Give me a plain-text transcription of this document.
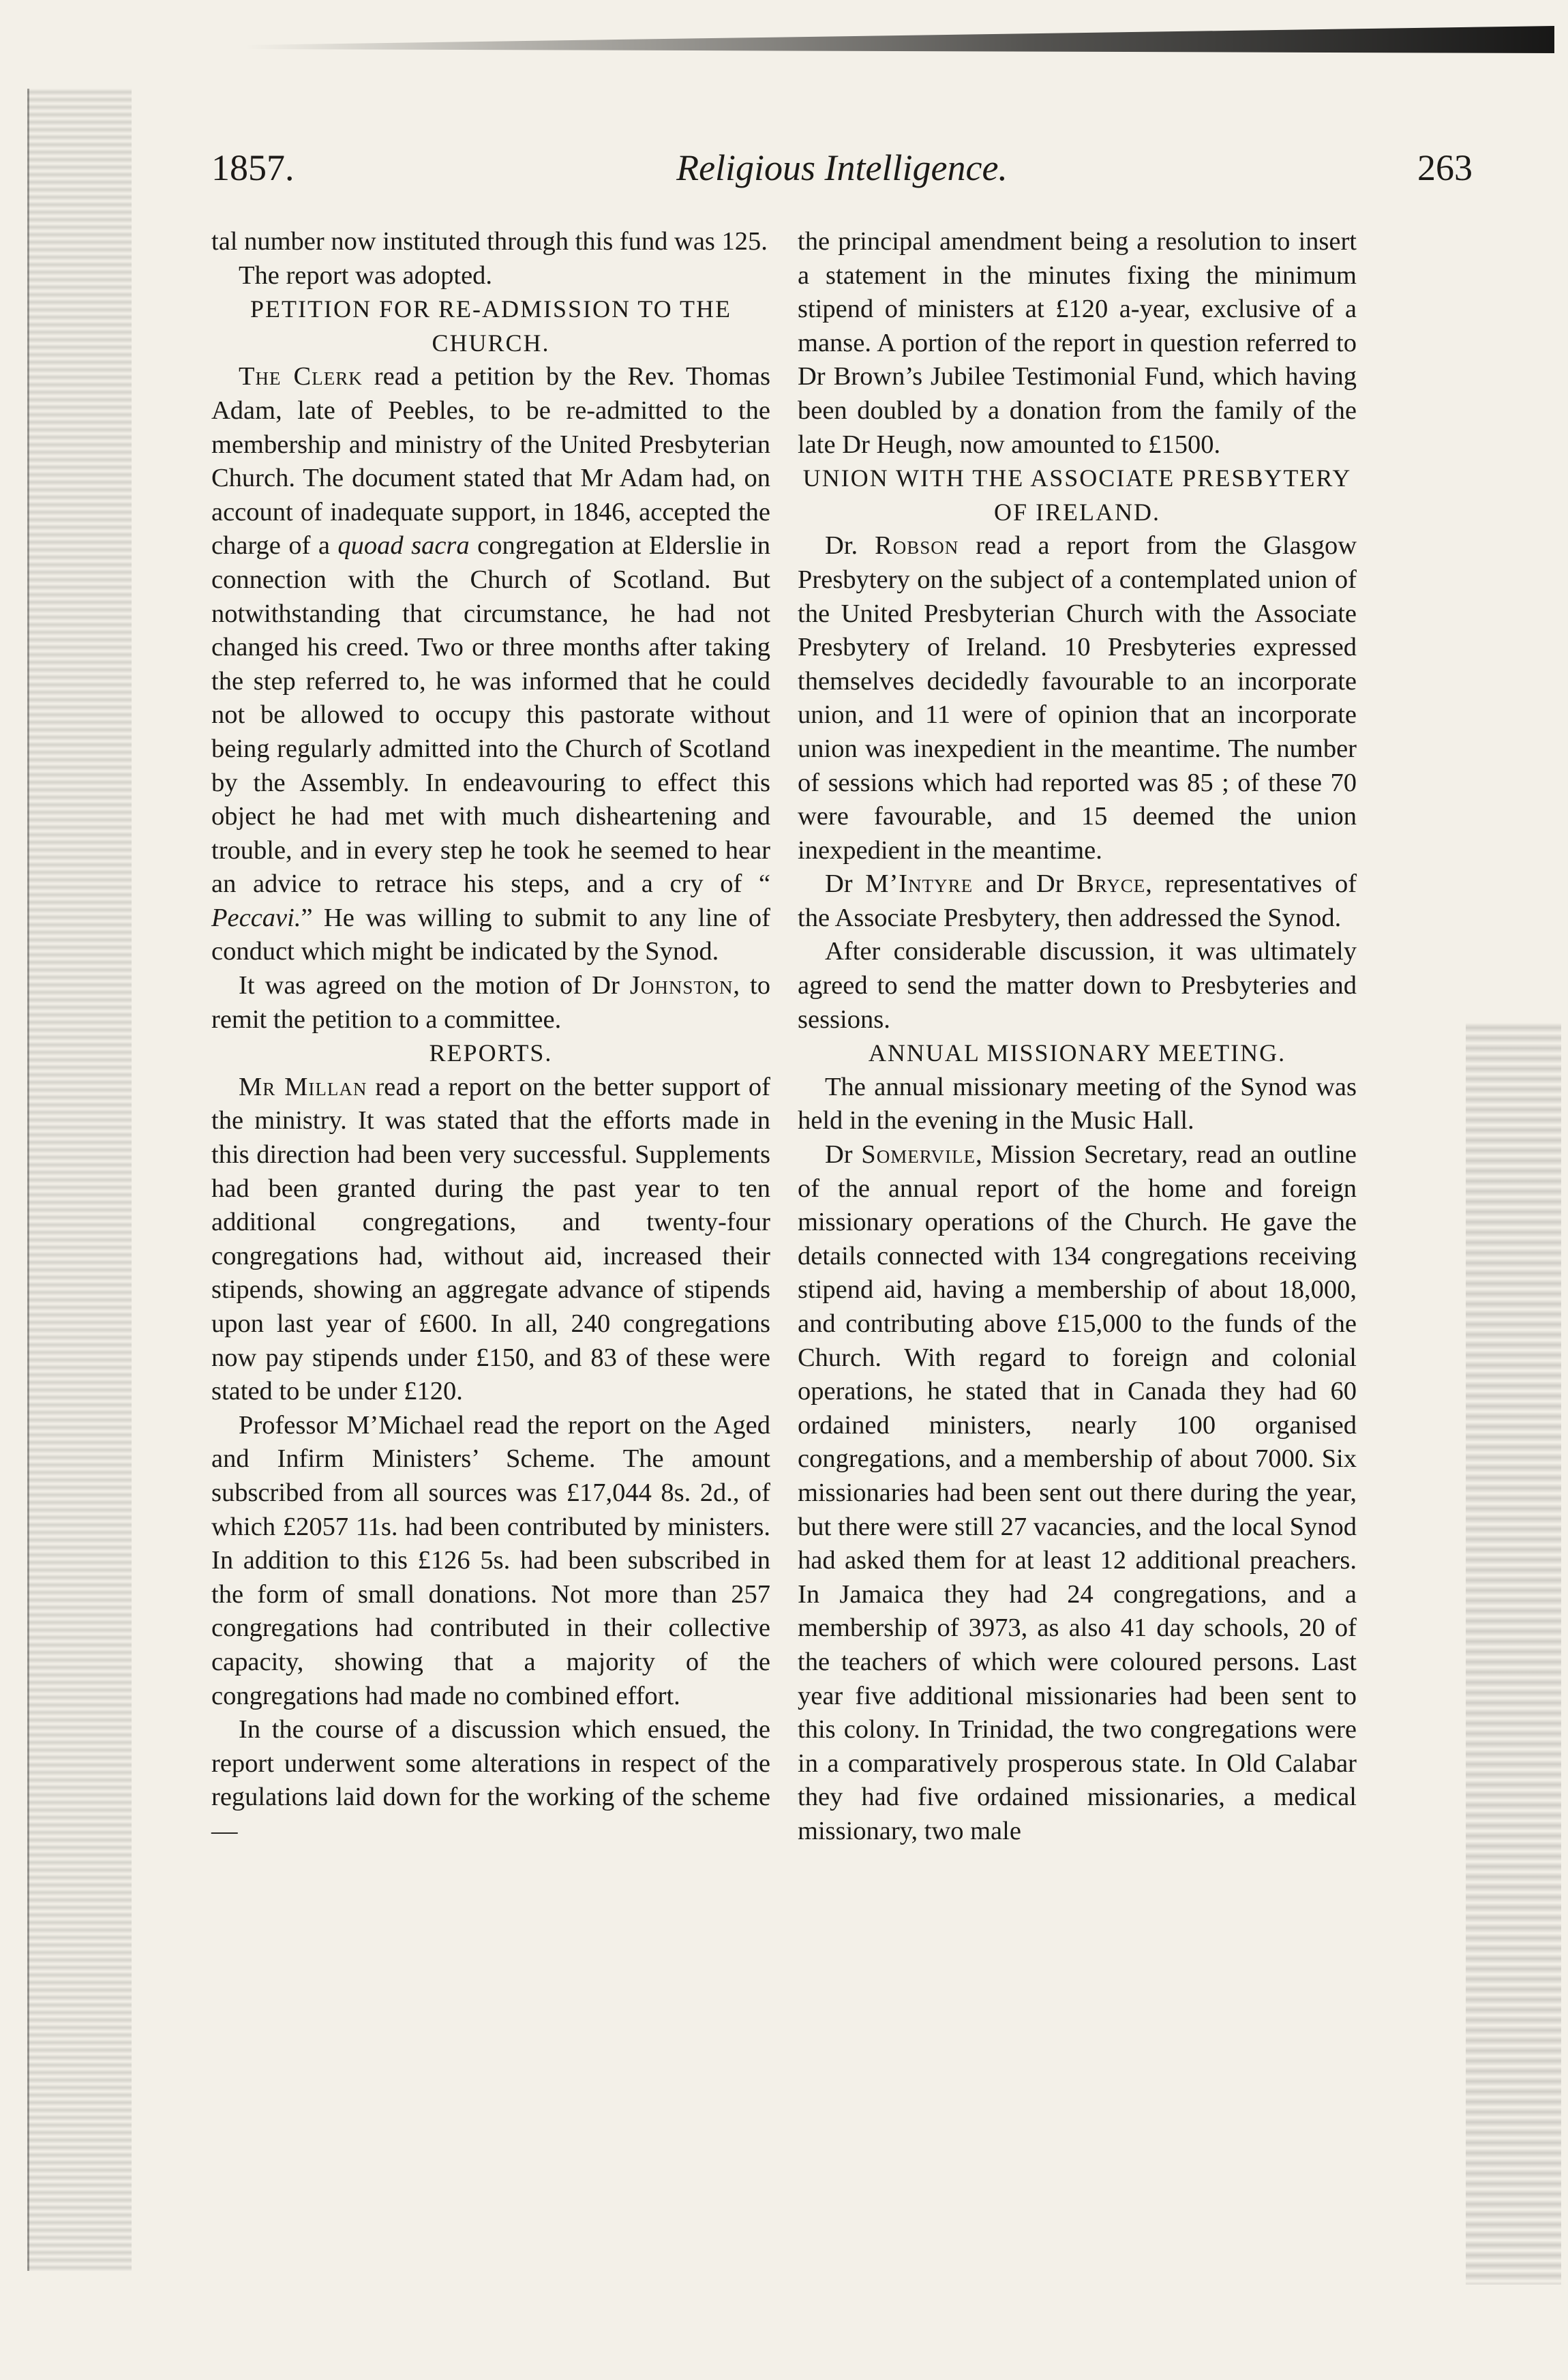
1857.	Religious Intelligence.	263

tal number now instituted through this fund was 125.

The report was adopted.

PETITION FOR RE-ADMISSION TO THE CHURCH.

The Clerk read a petition by the Rev. Thomas Adam, late of Peebles, to be re-admitted to the membership and ministry of the United Presbyterian Church. The document stated that Mr Adam had, on account of inadequate support, in 1846, accepted the charge of a quoad sacra congregation at Elderslie in connection with the Church of Scotland. But notwithstanding that circumstance, he had not changed his creed. Two or three months after taking the step referred to, he was informed that he could not be allowed to occupy this pastorate without being regularly admitted into the Church of Scotland by the Assembly. In endeavouring to effect this object he had met with much disheartening and trouble, and in every step he took he seemed to hear an advice to retrace his steps, and a cry of “ Peccavi.” He was willing to submit to any line of conduct which might be indicated by the Synod.

It was agreed on the motion of Dr Johnston, to remit the petition to a committee.

REPORTS.

Mr Millan read a report on the better support of the ministry. It was stated that the efforts made in this direction had been very successful. Supplements had been granted during the past year to ten additional congregations, and twenty-four congregations had, without aid, increased their stipends, showing an aggregate advance of stipends upon last year of £600. In all, 240 congregations now pay stipends under £150, and 83 of these were stated to be under £120.

Professor M’Michael read the report on the Aged and Infirm Ministers’ Scheme. The amount subscribed from all sources was £17,044 8s. 2d., of which £2057 11s. had been contributed by ministers. In addition to this £126 5s. had been subscribed in the form of small donations. Not more than 257 congregations had contributed in their collective capacity, showing that a majority of the congregations had made no combined effort.

In the course of a discussion which ensued, the report underwent some alterations in respect of the regulations laid down for the working of the scheme—

the principal amendment being a resolution to insert a statement in the minutes fixing the minimum stipend of ministers at £120 a-year, exclusive of a manse. A portion of the report in question referred to Dr Brown’s Jubilee Testimonial Fund, which having been doubled by a donation from the family of the late Dr Heugh, now amounted to £1500.

UNION WITH THE ASSOCIATE PRESBYTERY OF IRELAND.

Dr. Robson read a report from the Glasgow Presbytery on the subject of a contemplated union of the United Presbyterian Church with the Associate Presbytery of Ireland. 10 Presbyteries expressed themselves decidedly favourable to an incorporate union, and 11 were of opinion that an incorporate union was inexpedient in the meantime. The number of sessions which had reported was 85 ; of these 70 were favourable, and 15 deemed the union inexpedient in the meantime.

Dr M’Intyre and Dr Bryce, representatives of the Associate Presbytery, then addressed the Synod.

After considerable discussion, it was ultimately agreed to send the matter down to Presbyteries and sessions.

ANNUAL MISSIONARY MEETING.

The annual missionary meeting of the Synod was held in the evening in the Music Hall.

Dr Somervile, Mission Secretary, read an outline of the annual report of the home and foreign missionary operations of the Church. He gave the details connected with 134 congregations receiving stipend aid, having a membership of about 18,000, and contributing above £15,000 to the funds of the Church. With regard to foreign and colonial operations, he stated that in Canada they had 60 ordained ministers, nearly 100 organised congregations, and a membership of about 7000. Six missionaries had been sent out there during the year, but there were still 27 vacancies, and the local Synod had asked them for at least 12 additional preachers. In Jamaica they had 24 congregations, and a membership of 3973, as also 41 day schools, 20 of the teachers of which were coloured persons. Last year five additional missionaries had been sent to this colony. In Trinidad, the two congregations were in a comparatively prosperous state. In Old Calabar they had five ordained missionaries, a medical missionary, two male
